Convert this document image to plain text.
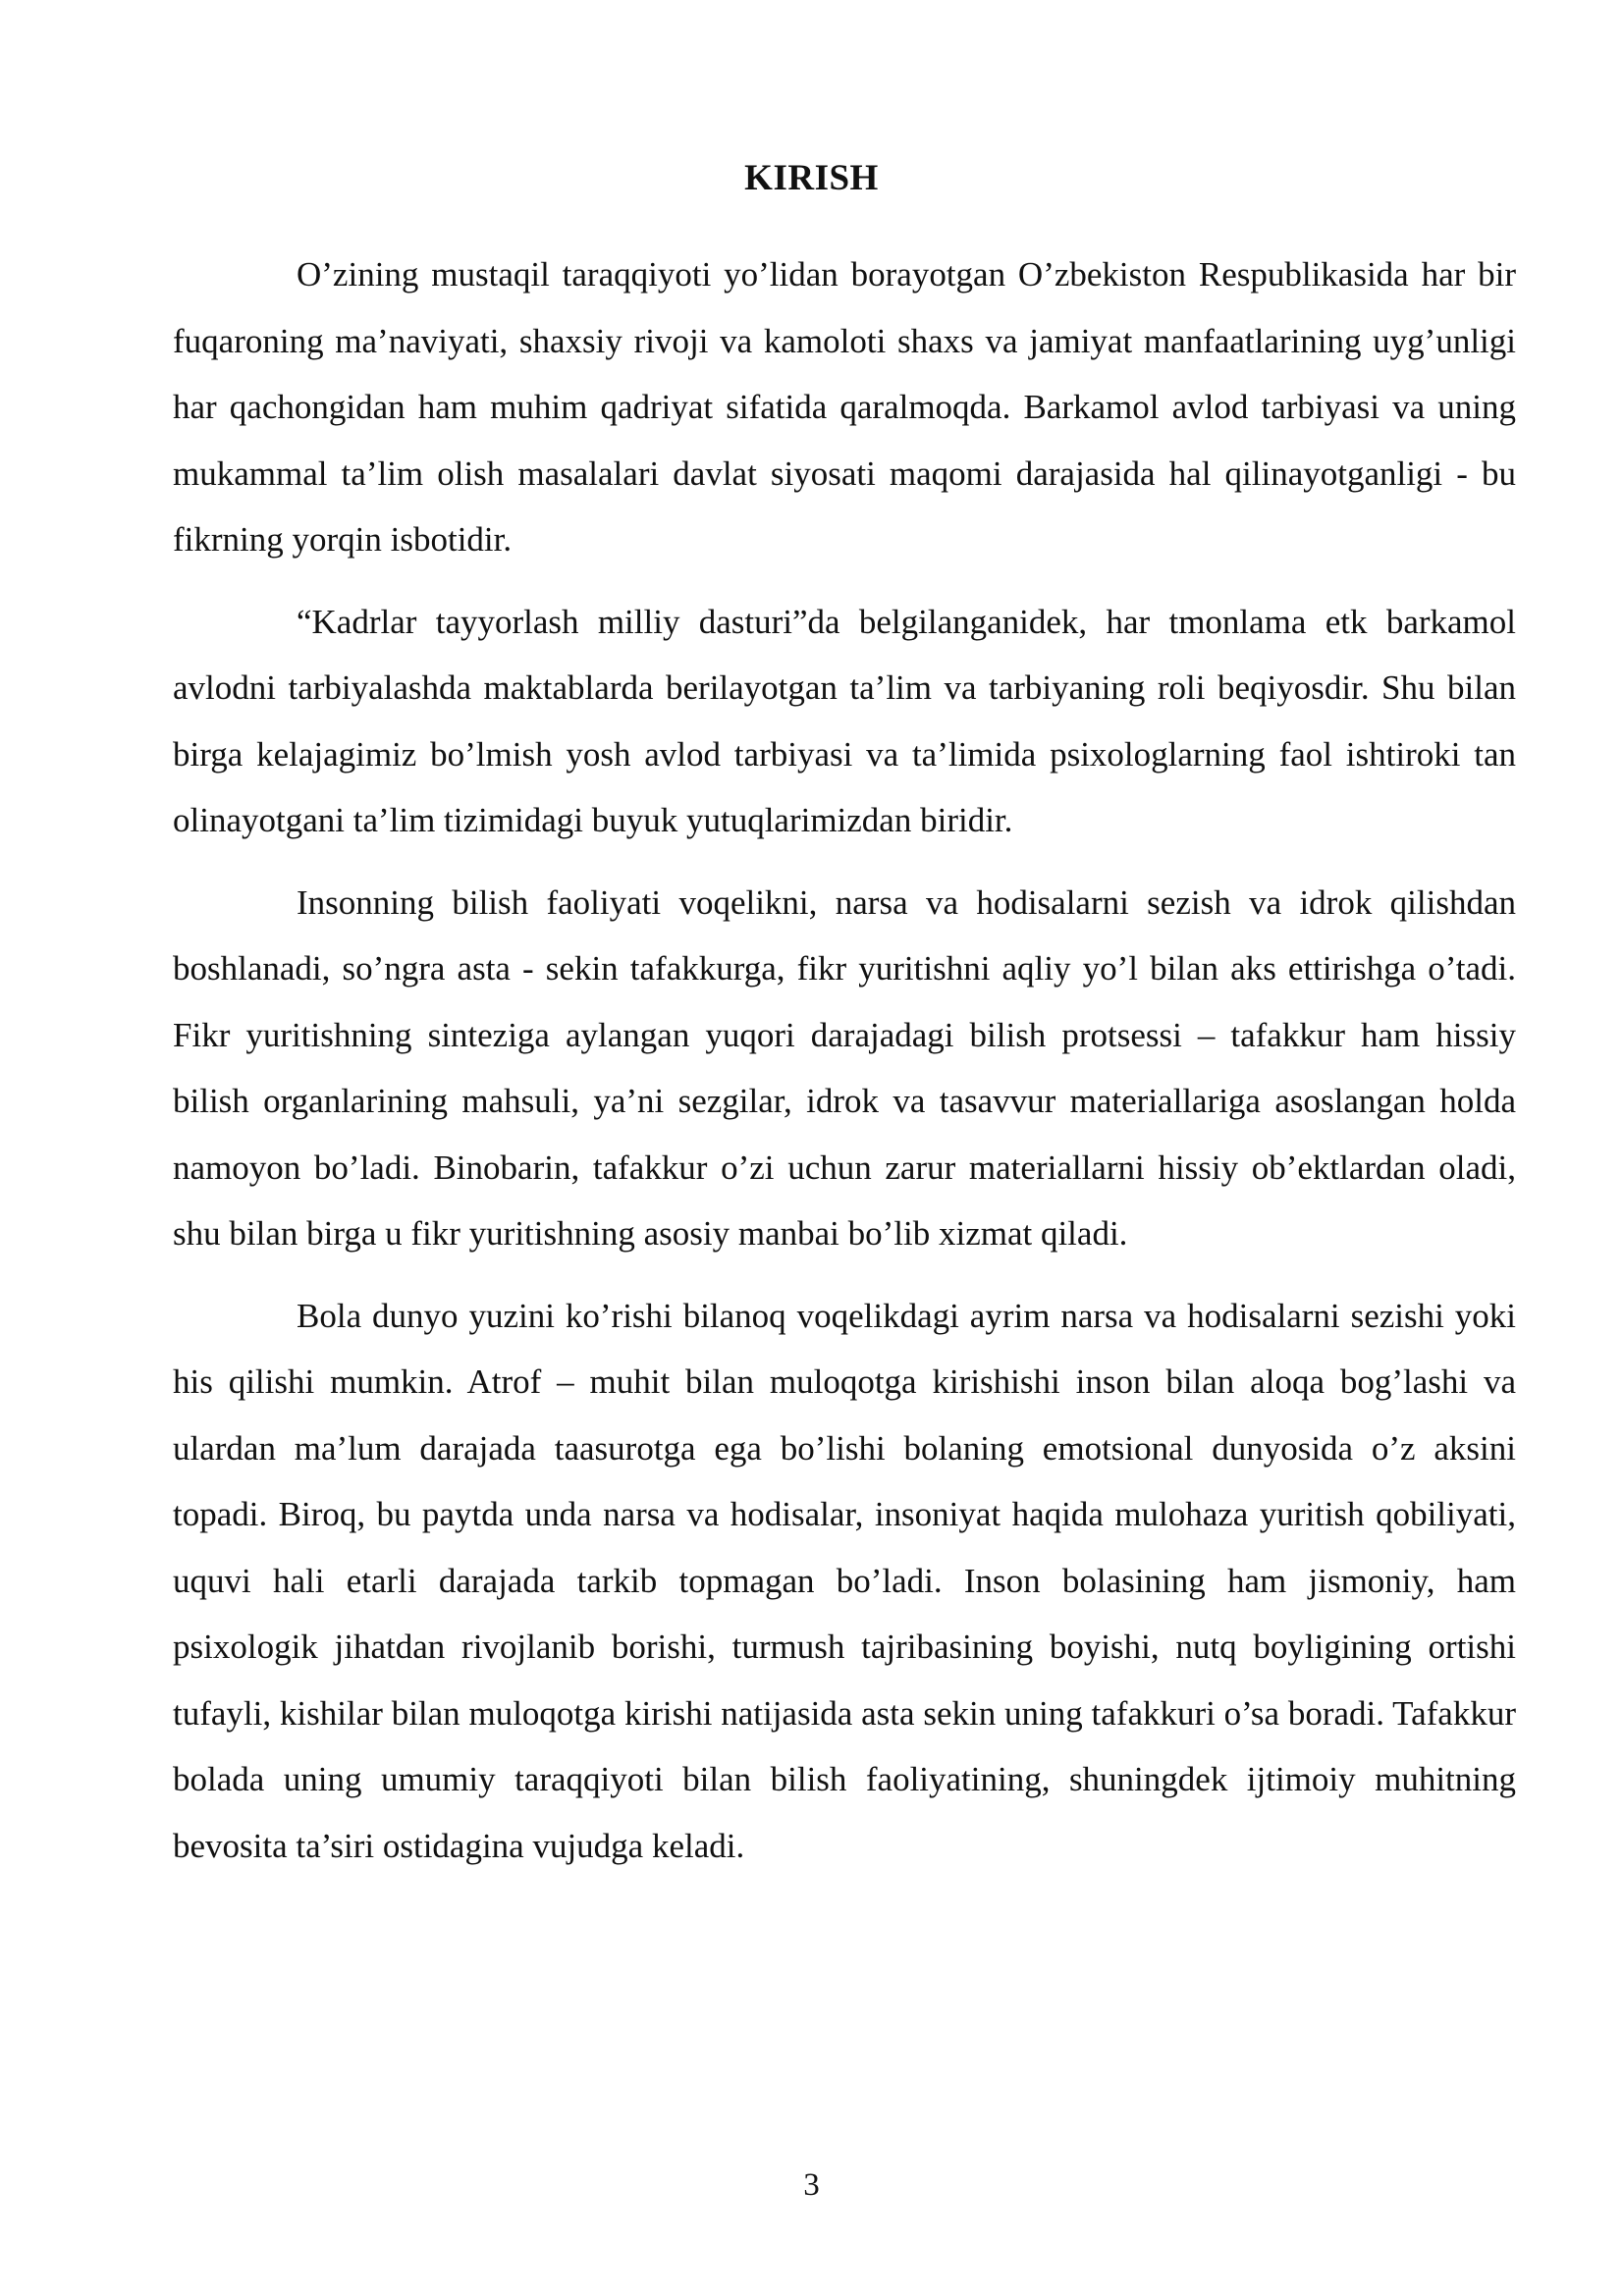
KIRISH

O’zining mustaqil taraqqiyoti yo’lidan borayotgan O’zbekiston Respublikasida har bir fuqaroning ma’naviyati, shaxsiy rivoji va kamoloti shaxs va jamiyat manfaatlarining uyg’unligi har qachongidan ham muhim qadriyat sifatida qaralmoqda. Barkamol avlod tarbiyasi va uning mukammal ta’lim olish masalalari davlat siyosati maqomi darajasida hal qilinayotganligi - bu fikrning yorqin isbotidir.

“Kadrlar tayyorlash milliy dasturi”da belgilanganidek, har tmonlama etk barkamol avlodni tarbiyalashda maktablarda berilayotgan ta’lim va tarbiyaning roli beqiyosdir. Shu bilan birga kelajagimiz bo’lmish yosh avlod tarbiyasi va ta’limida psixologlarning faol ishtiroki tan olinayotgani ta’lim tizimidagi buyuk yutuqlarimizdan biridir.

Insonning bilish faoliyati voqelikni, narsa va hodisalarni sezish va idrok qilishdan boshlanadi, so’ngra asta - sekin tafakkurga, fikr yuritishni aqliy yo’l bilan aks ettirishga o’tadi. Fikr yuritishning sinteziga aylangan yuqori darajadagi bilish protsessi – tafakkur ham hissiy bilish organlarining mahsuli, ya’ni sezgilar, idrok va tasavvur materiallariga asoslangan holda namoyon bo’ladi. Binobarin, tafakkur o’zi uchun zarur materiallarni hissiy ob’ektlardan oladi, shu bilan birga u fikr yuritishning asosiy manbai bo’lib xizmat qiladi.

Bola dunyo yuzini ko’rishi bilanoq voqelikdagi ayrim narsa va hodisalarni sezishi yoki his qilishi mumkin. Atrof – muhit bilan muloqotga kirishishi inson bilan aloqa bog’lashi va ulardan ma’lum darajada taasurotga ega bo’lishi bolaning emotsional dunyosida o’z aksini topadi. Biroq, bu paytda unda narsa va hodisalar, insoniyat haqida mulohaza yuritish qobiliyati, uquvi hali etarli darajada tarkib topmagan bo’ladi. Inson bolasining ham jismoniy, ham psixologik jihatdan rivojlanib borishi, turmush tajribasining boyishi, nutq boyligining ortishi tufayli, kishilar bilan muloqotga kirishi natijasida asta sekin uning tafakkuri o’sa boradi. Tafakkur bolada uning umumiy taraqqiyoti bilan bilish faoliyatining, shuningdek ijtimoiy muhitning bevosita ta’siri ostidagina vujudga keladi.

3
